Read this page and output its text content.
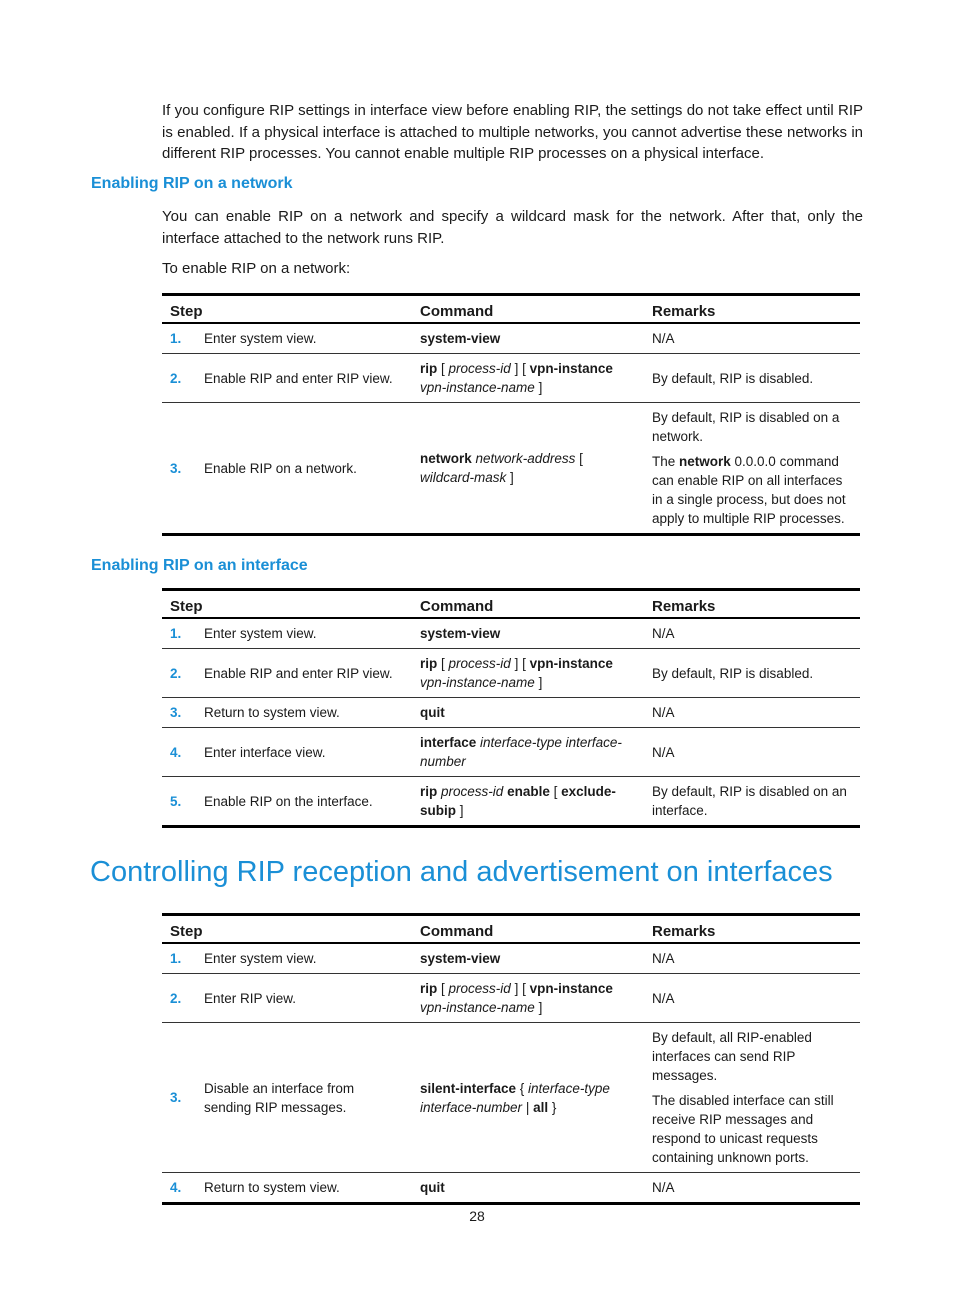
If you configure RIP settings in interface view before enabling RIP, the settings do not take effect until RIP is enabled. If a physical interface is attached to multiple networks, you cannot advertise these networks in different RIP processes. You cannot enable multiple RIP processes on a physical interface.
Enabling RIP on a network
You can enable RIP on a network and specify a wildcard mask for the network. After that, only the interface attached to the network runs RIP.
To enable RIP on a network:
Step		Command	Remarks
1.	Enter system view.	system-view	N/A

2.	Enable RIP and enter RIP view.	rip [ process-id ] [ vpn-instance vpn-instance-name ]	By default, RIP is disabled.

3.	Enable RIP on a network.	network network-address [ wildcard-mask ]	By default, RIP is disabled on a network.

The network 0.0.0.0 command can enable RIP on all interfaces in a single process, but does not apply to multiple RIP processes.

Enabling RIP on an interface
Step		Command	Remarks
1.	Enter system view.	system-view	N/A

2.	Enable RIP and enter RIP view.	rip [ process-id ] [ vpn-instance vpn-instance-name ]	By default, RIP is disabled.

3.	Return to system view.	quit	N/A

4.	Enter interface view.	interface interface-type interface-number	N/A

5.	Enable RIP on the interface.	rip process-id enable [ exclude-subip ]	By default, RIP is disabled on an interface.

Controlling RIP reception and advertisement on interfaces
Step		Command	Remarks
1.	Enter system view.	system-view	N/A

2.	Enter RIP view.	rip [ process-id ] [ vpn-instance vpn-instance-name ]	N/A

3.	Disable an interface from sending RIP messages.	silent-interface { interface-type interface-number | all }	By default, all RIP-enabled interfaces can send RIP messages.

The disabled interface can still receive RIP messages and respond to unicast requests containing unknown ports.

4.	Return to system view.	quit	N/A

28
